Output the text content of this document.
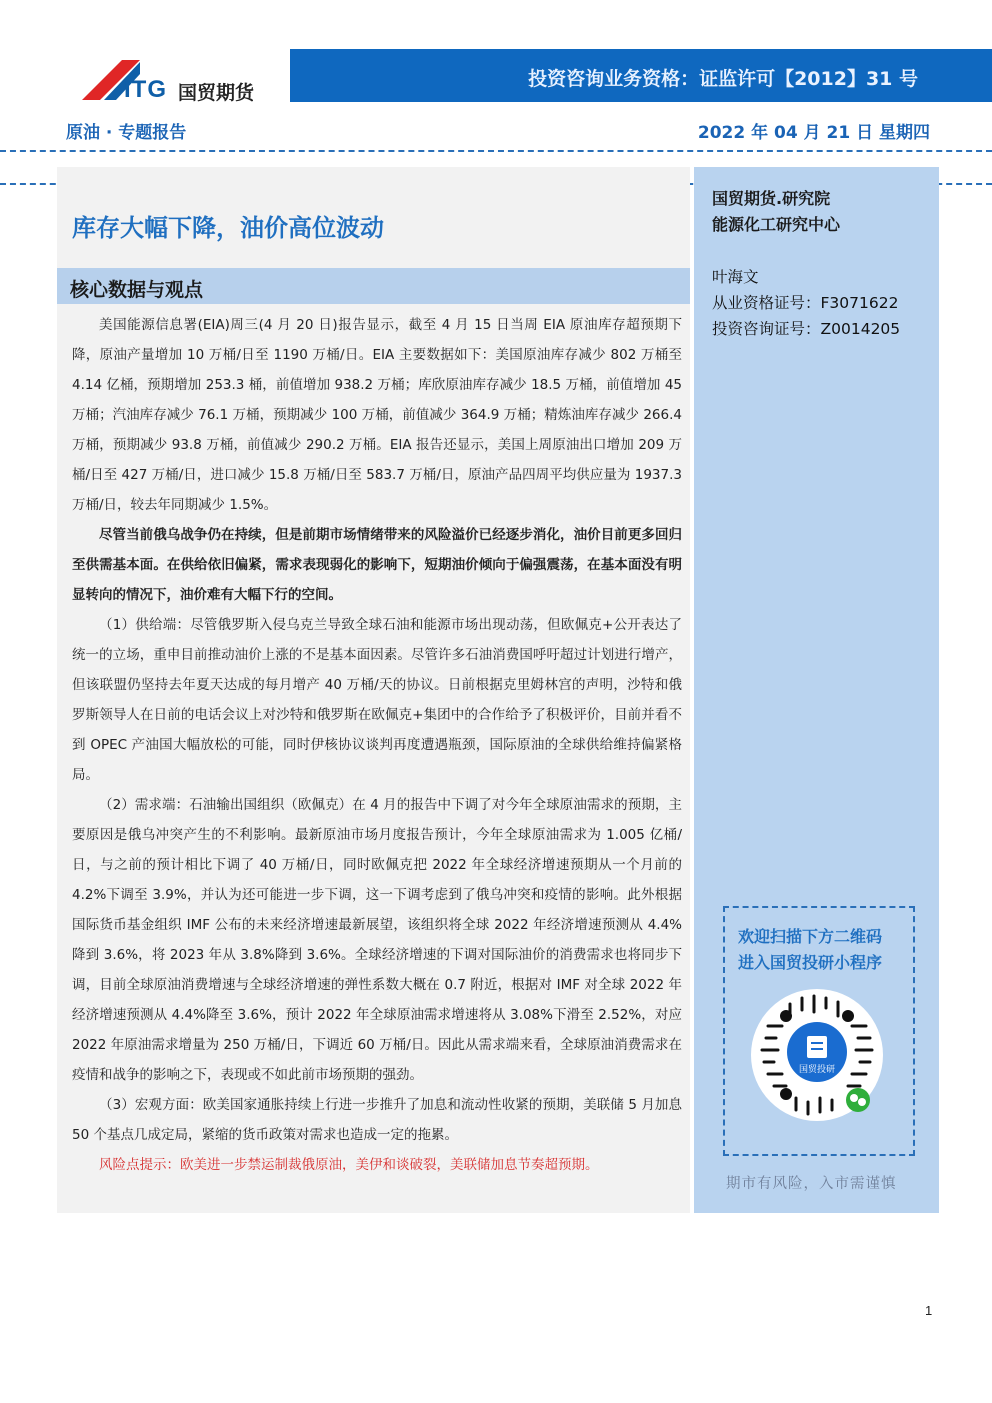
ITG 国贸期货
投资咨询业务资格：证监许可【2012】31 号
原油 · 专题报告	2022 年 04 月 21 日 星期四
库存大幅下降，油价高位波动
核心数据与观点

美国能源信息署(EIA)周三(4 月 20 日)报告显示，截至 4 月 15 日当周 EIA 原油库存超预期下降，原油产量增加 10 万桶/日至 1190 万桶/日。EIA 主要数据如下：美国原油库存减少 802 万桶至 4.14 亿桶，预期增加 253.3 桶，前值增加 938.2 万桶；库欣原油库存减少 18.5 万桶，前值增加 45 万桶；汽油库存减少 76.1 万桶，预期减少 100 万桶，前值减少 364.9 万桶；精炼油库存减少 266.4 万桶，预期减少 93.8 万桶，前值减少 290.2 万桶。EIA 报告还显示，美国上周原油出口增加 209 万桶/日至 427 万桶/日，进口减少 15.8 万桶/日至 583.7 万桶/日，原油产品四周平均供应量为 1937.3 万桶/日，较去年同期减少 1.5%。

尽管当前俄乌战争仍在持续，但是前期市场情绪带来的风险溢价已经逐步消化，油价目前更多回归至供需基本面。在供给依旧偏紧，需求表现弱化的影响下，短期油价倾向于偏强震荡，在基本面没有明显转向的情况下，油价难有大幅下行的空间。

（1）供给端：尽管俄罗斯入侵乌克兰导致全球石油和能源市场出现动荡，但欧佩克+公开表达了统一的立场，重申目前推动油价上涨的不是基本面因素。尽管许多石油消费国呼吁超过计划进行增产，但该联盟仍坚持去年夏天达成的每月增产 40 万桶/天的协议。日前根据克里姆林宫的声明，沙特和俄罗斯领导人在日前的电话会议上对沙特和俄罗斯在欧佩克+集团中的合作给予了积极评价，目前并看不到 OPEC 产油国大幅放松的可能，同时伊核协议谈判再度遭遇瓶颈，国际原油的全球供给维持偏紧格局。

（2）需求端：石油输出国组织（欧佩克）在 4 月的报告中下调了对今年全球原油需求的预期，主要原因是俄乌冲突产生的不利影响。最新原油市场月度报告预计，今年全球原油需求为 1.005 亿桶/日，与之前的预计相比下调了 40 万桶/日，同时欧佩克把 2022 年全球经济增速预期从一个月前的 4.2%下调至 3.9%，并认为还可能进一步下调，这一下调考虑到了俄乌冲突和疫情的影响。此外根据国际货币基金组织 IMF 公布的未来经济增速最新展望，该组织将全球 2022 年经济增速预测从 4.4%降到 3.6%，将 2023 年从 3.8%降到 3.6%。全球经济增速的下调对国际油价的消费需求也将同步下调，目前全球原油消费增速与全球经济增速的弹性系数大概在 0.7 附近，根据对 IMF 对全球 2022 年经济增速预测从 4.4%降至 3.6%，预计 2022 年全球原油需求增速将从 3.08%下滑至 2.52%，对应 2022 年原油需求增量为 250 万桶/日，下调近 60 万桶/日。因此从需求端来看，全球原油消费需求在疫情和战争的影响之下，表现或不如此前市场预期的强劲。

（3）宏观方面：欧美国家通胀持续上行进一步推升了加息和流动性收紧的预期，美联储 5 月加息 50 个基点几成定局，紧缩的货币政策对需求也造成一定的拖累。

风险点提示：欧美进一步禁运制裁俄原油，美伊和谈破裂，美联储加息节奏超预期。

国贸期货.研究院
能源化工研究中心
叶海文
从业资格证号：F3071622
投资咨询证号：Z0014205
欢迎扫描下方二维码
进入国贸投研小程序
国贸投研
期市有风险，入市需谨慎
1
